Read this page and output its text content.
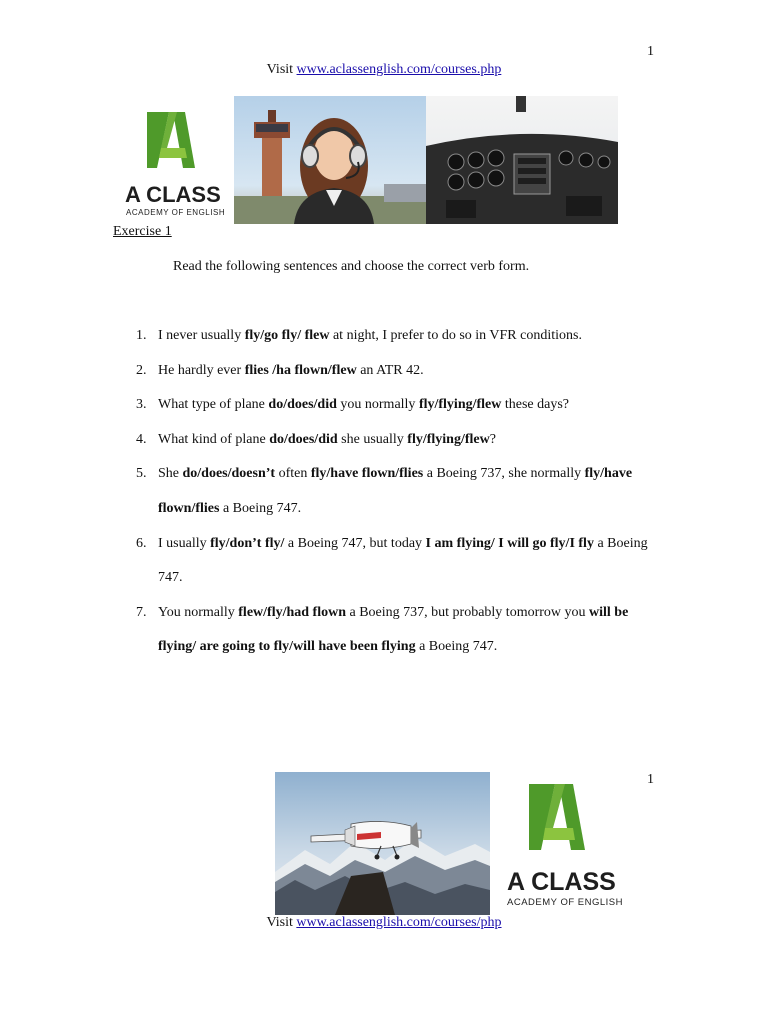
1
Visit www.aclassenglish.com/courses.php
A CLASS
ACADEMY OF ENGLISH
Exercise 1
Read the following sentences and choose the correct verb form.
1. I never usually fly/go fly/ flew at night, I prefer to do so in VFR conditions.
2. He hardly ever flies /ha flown/flew an ATR 42.
3. What type of plane do/does/did you normally fly/flying/flew these days?
4. What kind of plane do/does/did she usually fly/flying/flew?
5. She do/does/doesn’t often fly/have flown/flies a Boeing 737, she normally fly/have flown/flies a Boeing 747.
6. I usually fly/don’t fly/ a Boeing 747, but today I am flying/ I will go fly/I fly a Boeing 747.
7. You normally flew/fly/had flown a Boeing 737, but probably tomorrow you will be flying/ are going to fly/will have been flying a Boeing 747.
1
A CLASS
ACADEMY OF ENGLISH
Visit www.aclassenglish.com/courses/php
